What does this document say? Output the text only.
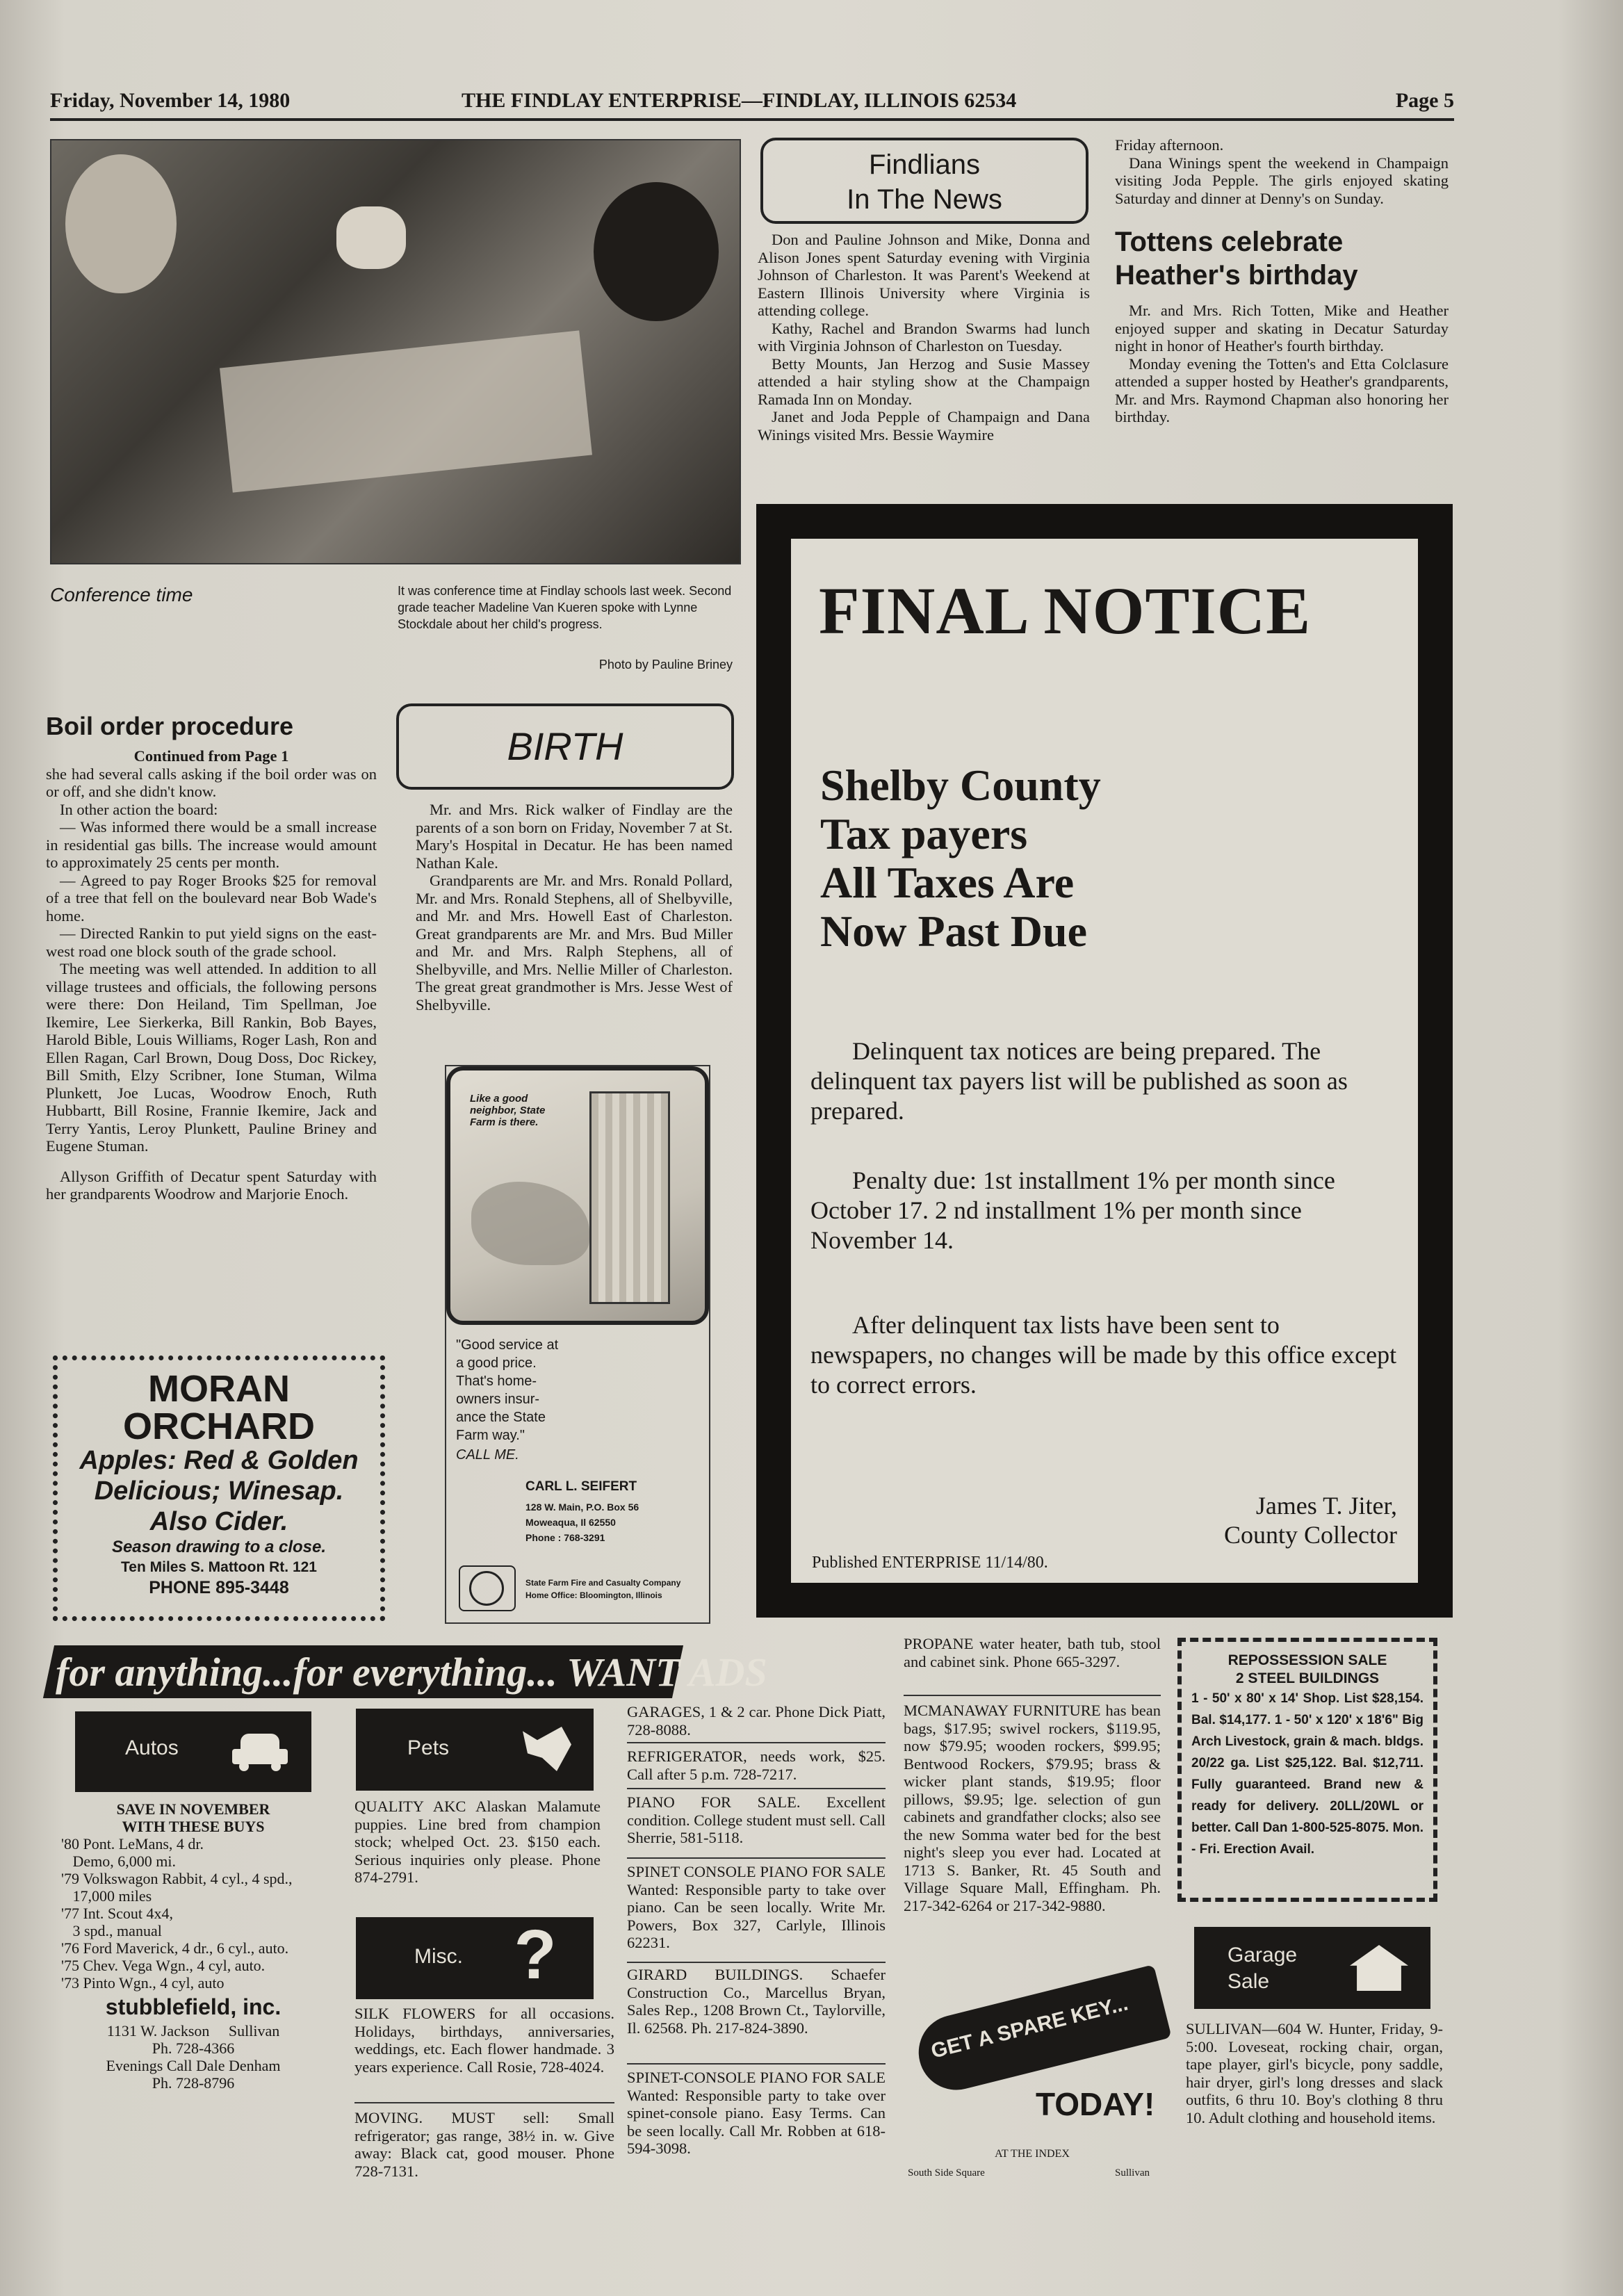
Friday, November 14, 1980	THE FINDLAY ENTERPRISE—FINDLAY, ILLINOIS 62534	Page 5
Conference time	It was conference time at Findlay schools last week. Second grade teacher Madeline Van Kueren spoke with Lynne Stockdale about her child's progress.
Photo by Pauline Briney
Boil order procedure

Continued from Page 1

she had several calls asking if the boil order was on or off, and she didn't know.

In other action the board:

— Was informed there would be a small increase in residential gas bills. The increase would amount to approximately 25 cents per month.

— Agreed to pay Roger Brooks $25 for removal of a tree that fell on the boulevard near Bob Wade's home.

— Directed Rankin to put yield signs on the east-west road one block south of the grade school.

The meeting was well attended. In addition to all village trustees and officials, the following persons were there: Don Heiland, Tim Spellman, Joe Ikemire, Lee Sierkerka, Bill Rankin, Bob Bayes, Harold Bible, Louis Williams, Roger Lash, Ron and Ellen Ragan, Carl Brown, Doug Doss, Doc Rickey, Bill Smith, Elzy Scribner, Ione Stuman, Wilma Plunkett, Joe Lucas, Woodrow Enoch, Ruth Hubbartt, Bill Rosine, Frannie Ikemire, Jack and Terry Yantis, Leroy Plunkett, Pauline Briney and Eugene Stuman.

Allyson Griffith of Decatur spent Saturday with her grandparents Woodrow and Marjorie Enoch.

BIRTH

Mr. and Mrs. Rick walker of Findlay are the parents of a son born on Friday, November 7 at St. Mary's Hospital in Decatur. He has been named Nathan Kale.

Grandparents are Mr. and Mrs. Ronald Pollard, Mr. and Mrs. Ronald Stephens, all of Shelbyville, and Mr. and Mrs. Howell East of Charleston. Great grandparents are Mr. and Mrs. Bud Miller and Mr. and Mrs. Ralph Stephens, all of Shelbyville, and Mrs. Nellie Miller of Charleston. The great great grandmother is Mrs. Jesse West of Shelbyville.

Findlians
In The News

Don and Pauline Johnson and Mike, Donna and Alison Jones spent Saturday evening with Virginia Johnson of Charleston. It was Parent's Weekend at Eastern Illinois University where Virginia is attending college.

Kathy, Rachel and Brandon Swarms had lunch with Virginia Johnson of Charleston on Tuesday.

Betty Mounts, Jan Herzog and Susie Massey attended a hair styling show at the Champaign Ramada Inn on Monday.

Janet and Joda Pepple of Champaign and Dana Winings visited Mrs. Bessie Waymire

Friday afternoon.

Dana Winings spent the weekend in Champaign visiting Joda Pepple. The girls enjoyed skating Saturday and dinner at Denny's on Sunday.

Tottens celebrate Heather's birthday

Mr. and Mrs. Rich Totten, Mike and Heather enjoyed supper and skating in Decatur Saturday night in honor of Heather's fourth birthday.

Monday evening the Totten's and Etta Colclasure attended a supper hosted by Heather's grandparents, Mr. and Mrs. Raymond Chapman also honoring her birthday.

FINAL NOTICE
Shelby County
Tax payers
All Taxes Are
Now Past Due
Delinquent tax notices are being prepared. The delinquent tax payers list will be published as soon as prepared.
Penalty due: 1st installment 1% per month since October 17. 2 nd installment 1% per month since November 14.
After delinquent tax lists have been sent to newspapers, no changes will be made by this office except to correct errors.
James T. Jiter,
County Collector
Published ENTERPRISE 11/14/80.
MORAN
ORCHARD
Apples: Red & Golden
Delicious; Winesap.
Also Cider.
Season drawing to a close.
Ten Miles S. Mattoon Rt. 121
PHONE 895-3448
Like a good neighbor, State Farm is there.
"Good service at a good price. That's home-owners insur-ance the State Farm way."
CALL ME.
CARL L. SEIFERT
128 W. Main, P.O. Box 56
Moweaqua, Il 62550
Phone : 768-3291
State Farm Fire and Casualty Company
Home Office: Bloomington, Illinois
for anything...for everything... WANT ADS
Autos
SAVE IN NOVEMBER
WITH THESE BUYS
'80 Pont. LeMans, 4 dr.
Demo, 6,000 mi.
'79 Volkswagon Rabbit, 4 cyl., 4 spd.,
17,000 miles
'77 Int. Scout 4x4,
3 spd., manual
'76 Ford Maverick, 4 dr., 6 cyl., auto.
'75 Chev. Vega Wgn., 4 cyl, auto.
'73 Pinto Wgn., 4 cyl, auto
stubblefield, inc.
1131 W. Jackson     Sullivan
Ph. 728-4366
Evenings Call Dale Denham
Ph. 728-8796
Pets
QUALITY AKC Alaskan Malamute puppies. Line bred from champion stock; whelped Oct. 23. $150 each. Serious inquiries only please. Phone 874-2791.
Misc. ?
SILK FLOWERS for all occasions. Holidays, birthdays, anniversaries, weddings, etc. Each flower handmade. 3 years experience. Call Rosie, 728-4024.
MOVING. MUST sell: Small refrigerator; gas range, 38½ in. w. Give away: Black cat, good mouser. Phone 728-7131.
GARAGES, 1 & 2 car. Phone Dick Piatt, 728-8088.
REFRIGERATOR, needs work, $25. Call after 5 p.m. 728-7217.
PIANO FOR SALE. Excellent condition. College student must sell. Call Sherrie, 581-5118.
SPINET CONSOLE PIANO FOR SALE Wanted: Responsible party to take over piano. Can be seen locally. Write Mr. Powers, Box 327, Carlyle, Illinois 62231.
GIRARD BUILDINGS. Schaefer Construction Co., Marcellus Bryan, Sales Rep., 1208 Brown Ct., Taylorville, Il. 62568. Ph. 217-824-3890.
SPINET-CONSOLE PIANO FOR SALE Wanted: Responsible party to take over spinet-console piano. Easy Terms. Can be seen locally. Call Mr. Robben at 618-594-3098.
PROPANE water heater, bath tub, stool and cabinet sink. Phone 665-3297.
MCMANAWAY FURNITURE has bean bags, $17.95; swivel rockers, $119.95, now $79.95; wooden rockers, $99.95; Bentwood Rockers, $79.95; brass & wicker plant stands, $19.95; floor pillows, $9.95; lge. selection of gun cabinets and grandfather clocks; also see the new Somma water bed for the best night's sleep you ever had. Located at 1713 S. Banker, Rt. 45 South and Village Square Mall, Effingham. Ph. 217-342-6264 or 217-342-9880.
GET A SPARE KEY...
TODAY!
AT THE INDEX
South Side Square	Sullivan
REPOSSESSION SALE
2 STEEL BUILDINGS
1 - 50' x 80' x 14' Shop. List $28,154. Bal. $14,177. 1 - 50' x 120' x 18'6" Big Arch Livestock, grain & mach. bldgs. 20/22 ga. List $25,122. Bal. $12,711. Fully guaranteed. Brand new & ready for delivery. 20LL/20WL or better. Call Dan 1-800-525-8075. Mon. - Fri. Erection Avail.
Garage
Sale
SULLIVAN—604 W. Hunter, Friday, 9-5:00. Loveseat, rocking chair, organ, tape player, girl's bicycle, pony saddle, hair dryer, girl's long dresses and slack outfits, 6 thru 10. Boy's clothing 8 thru 10. Adult clothing and household items.
